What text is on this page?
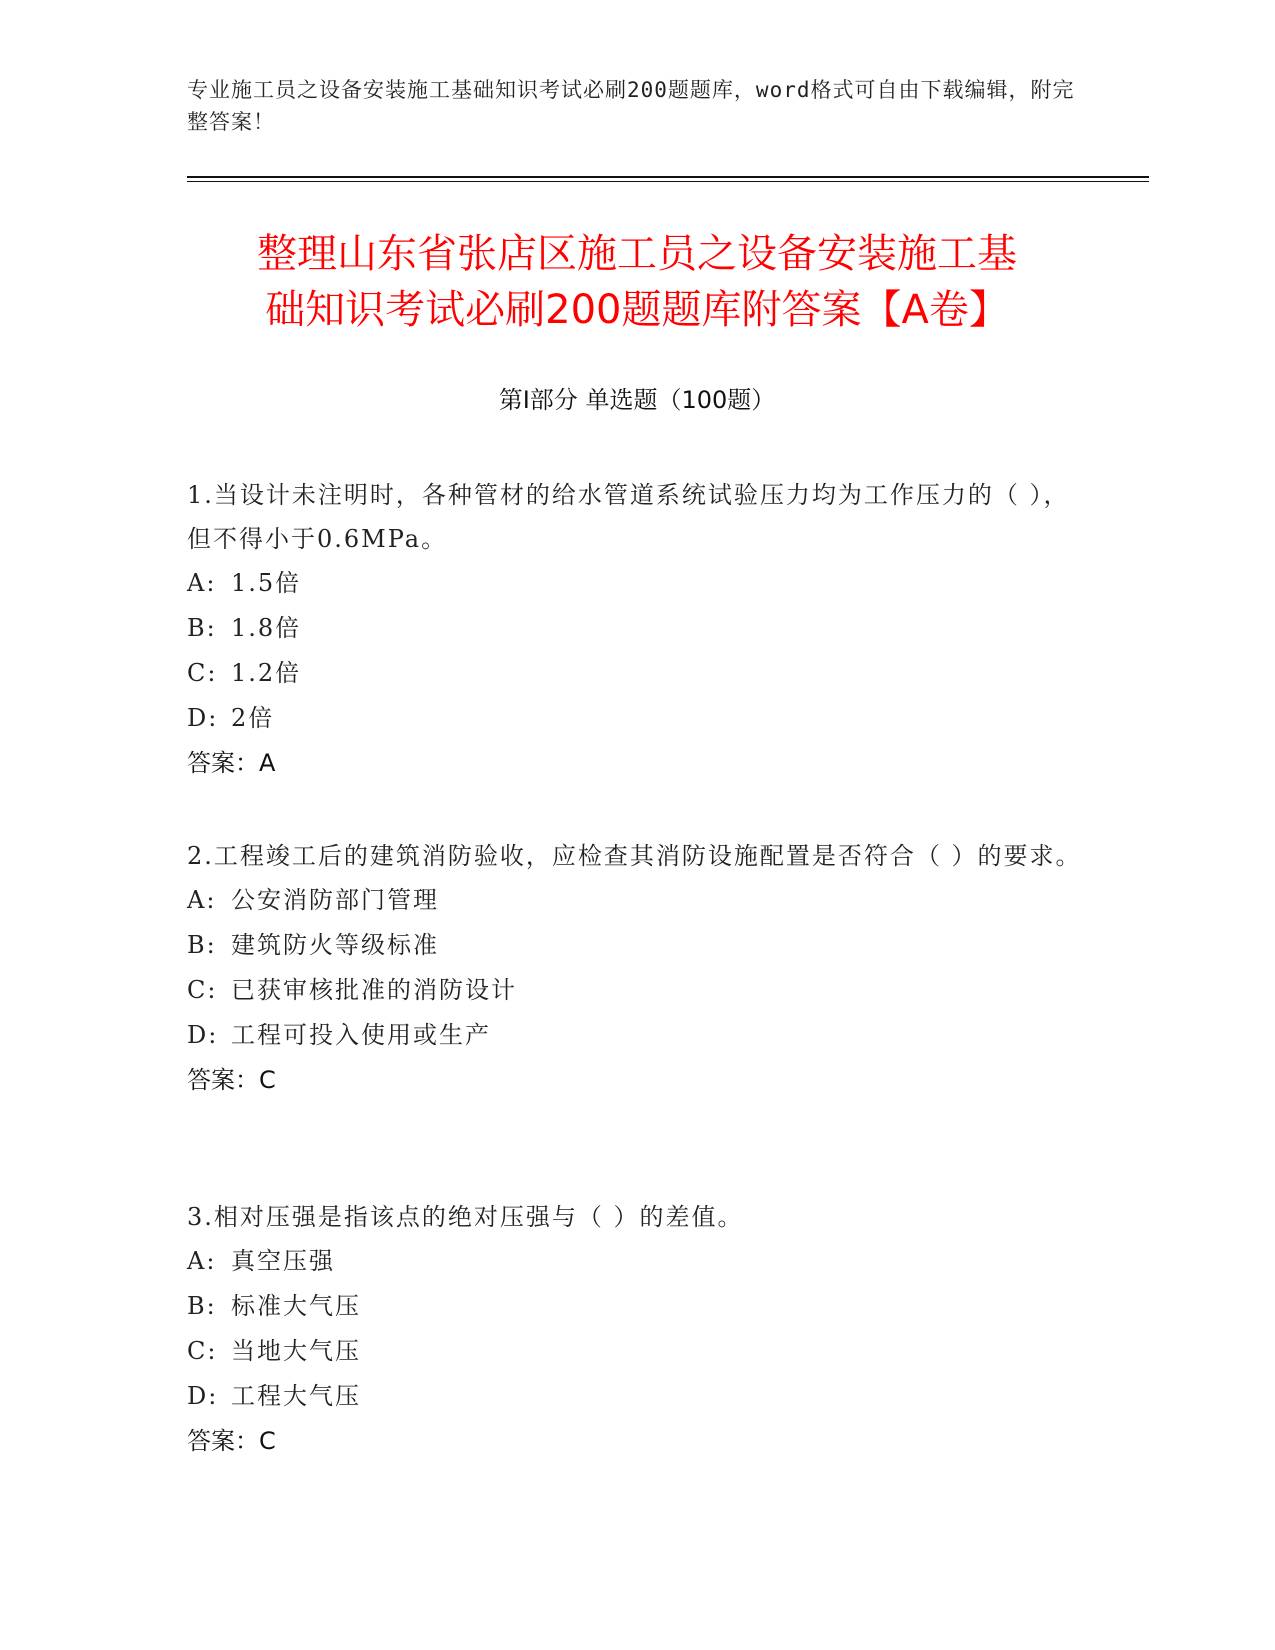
专业施工员之设备安装施工基础知识考试必刷200题题库，word格式可自由下载编辑，附完整答案！
整理山东省张店区施工员之设备安装施工基
础知识考试必刷200题题库附答案【A卷】
第Ⅰ部分 单选题（100题）
1.当设计未注明时，各种管材的给水管道系统试验压力均为工作压力的（ ），但不得小于0.6MPa。
A: 1.5倍
B: 1.8倍
C: 1.2倍
D: 2倍
答案：A
2.工程竣工后的建筑消防验收，应检查其消防设施配置是否符合（ ）的要求。
A: 公安消防部门管理
B: 建筑防火等级标准
C: 已获审核批准的消防设计
D: 工程可投入使用或生产
答案：C
3.相对压强是指该点的绝对压强与（ ）的差值。
A: 真空压强
B: 标准大气压
C: 当地大气压
D: 工程大气压
答案：C
